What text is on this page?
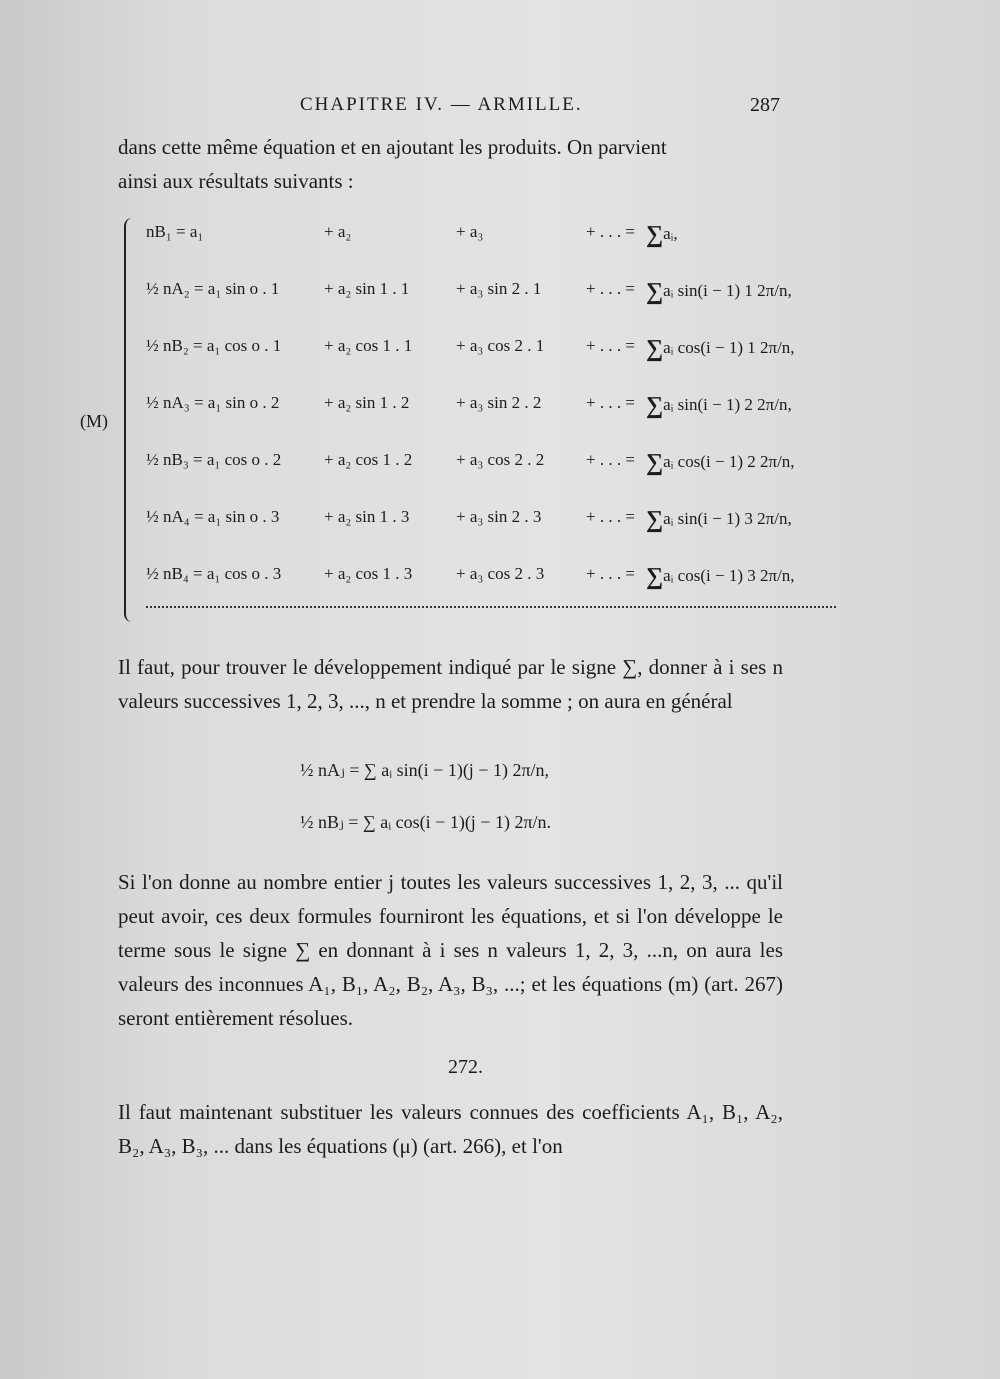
CHAPITRE IV. — ARMILLE.	287

dans cette même équation et en ajoutant les produits. On parvient

ainsi aux résultats suivants :

(M)
nB₁ = a₁	+ a₂	+ a₃	+ . . . = ∑aᵢ,
½ nA₂ = a₁ sin o . 1	+ a₂ sin 1 . 1	+ a₃ sin 2 . 1	+ . . . = ∑aᵢ sin(i − 1) 1 2π/n,
½ nB₂ = a₁ cos o . 1	+ a₂ cos 1 . 1	+ a₃ cos 2 . 1 + . . . = ∑aᵢ cos(i − 1) 1 2π/n,
½ nA₃ = a₁ sin o . 2	+ a₂ sin 1 . 2	+ a₃ sin 2 . 2	+ . . . = ∑aᵢ sin(i − 1) 2 2π/n,
½ nB₃ = a₁ cos o . 2	+ a₂ cos 1 . 2	+ a₃ cos 2 . 2 + . . . = ∑aᵢ cos(i − 1) 2 2π/n,
½ nA₄ = a₁ sin o . 3	+ a₂ sin 1 . 3	+ a₃ sin 2 . 3	+ . . . = ∑aᵢ sin(i − 1) 3 2π/n,
½ nB₄ = a₁ cos o . 3	+ a₂ cos 1 . 3	+ a₃ cos 2 . 3 + . . . = ∑aᵢ cos(i − 1) 3 2π/n,

Il faut, pour trouver le développement indiqué par le signe ∑, donner à i ses n valeurs successives 1, 2, 3, ..., n et prendre la somme ; on aura en général

½ nAⱼ = ∑ aᵢ sin(i − 1)(j − 1) 2π/n,
½ nBⱼ = ∑ aᵢ cos(i − 1)(j − 1) 2π/n.

Si l'on donne au nombre entier j toutes les valeurs successives 1, 2, 3, ... qu'il peut avoir, ces deux formules fourniront les équations, et si l'on développe le terme sous le signe ∑ en donnant à i ses n valeurs 1, 2, 3, ...n, on aura les valeurs des inconnues A₁, B₁, A₂, B₂, A₃, B₃, ...; et les équations (m) (art. 267) seront entièrement résolues.

272.

Il faut maintenant substituer les valeurs connues des coefficients A₁, B₁, A₂, B₂, A₃, B₃, ... dans les équations (μ) (art. 266), et l'on
